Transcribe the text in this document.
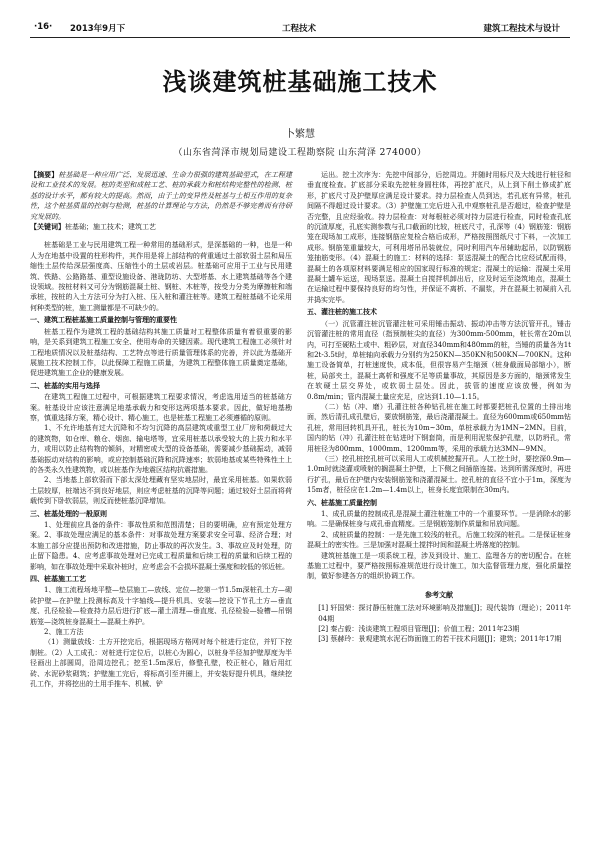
·16· 2013年9月下	工程技术	建筑工程技术与设计
浅谈建筑桩基础施工技术
卜繁慧
（山东省菏泽市规划局建设工程勘察院 山东菏泽 274000）

【摘要】桩基础是一种应用广泛、发展迅速、生命力很强的建筑基础型式，在工程建设和工业技术的发展。桩的类型和成桩工艺、桩的承载力和桩结构完整性的检测、桩基的设计水平，都有较大的提高。然而，由于土的变异性及桩基与土相互作用的复杂性，这个桩基质量的控制与检测，桩基的计算理论与方法，仍然是不够完善而有待研究发展的。

【关键词】桩基础；施工技术；建筑工艺

桩基础是工业与民用建筑工程一种常用的基础形式，是深基础的一种，也是一种人为在地基中设置的柱形构件，其作用是将上部结构的荷重通过土部软弱土层和局压缩性土层传给深层强度高、压缩性小的土层或岩层。桩基础可应用于工业与民用建筑、铁路、公路路基、重型设施设备、港珑防坊、大型塔基、水上建筑基础等各个建设领域。按桩材料又可分为钢筋混凝土桩、钢桩、木桩等，按受力分类为摩擦桩和端承桩，按桩的入土方法可分为打入桩、压入桩和灌注桩等。建筑工程桩基础不论采用何种类型的桩，施工测量都是不可缺少的。

一、建筑工程桩基施工质量控制与管理的重要性

桩基工程作为建筑工程的基础结构其施工质量对工程整体质量有着很重要的影响，是关系到建筑工程施工安全、使用寿命的关键因素。现代建筑工程施工必须针对工程地质情况以及桩基结构、工艺特点等进行质量管理体系的完善，并以此为基础开展施工技术控制工作，以此保障工程施工质量，为建筑工程整体施工质量奠定基础，促进建筑施工企业的健康发展。

二、桩基的实用与选择

在建筑工程施工过程中，可根据建筑工程要求情况，考虑选用适当的桩基础方案。桩基设计应该注意满足地基承载力和变形这两项基本要求。因此，做好地基勘察，慎重选择方案，精心设计、精心施工，也是桩基工程施工必须遵循的原则。

1、不允许地基有过大沉降和不均匀沉降的高层建筑或重型工业厂房和荷载过大的建筑物，如仓库、粮仓、烟囱、输电塔等，宜采用桩基以承受较大的上拔力和水平力，或用以防止结构物的倾斜，对精密或大型的设备基础，需要减少基础振动，减弱基础振动对结构的影响，或应控制基础沉降和沉降速率；软弱地基或某些特殊性土上的各类永久性建筑物，或以桩基作为地震区结构抗震措施。

2、当地基上部软弱而下部太深处埋藏有坚实地层时，最宜采用桩基。如果软弱土层较厚，桩端达不到良好地层，则应考虑桩基的沉降等问题；通过较好土层而将荷载传到下卧软弱层，则反而使桩基沉降增加。

三、桩基处理的一般原则

1、处理前应具备的条件：事故性质和范围清楚；目的要明确，应有预定处理方案。2、事故处理应满足的基本条件：对事故处理方案要求安全可靠、经济合理；对本施工部分应提出预防和改进措施，防止事故的再次发生。3、事故应及时处理，防止留下隐患。4、应考虑事故处理对已完成工程质量和后续工程的质量和后续工程的影响，如在事故处理中采取补桩时，应考虑会不会损坏混凝土强度和较低的邻近桩。

四、桩基施工工艺

1、施工流程场地平整—垫层施工—放线、定位—挖第一节1.5m深桩孔土方—砌砖护壁—在护壁上投测标高及十字轴线—提升机具、安装—挖设下节孔土方—垂直度、孔径检验—检查持力层后进行扩底—灌土清理—垂直度、孔径检验—验槽—吊钢筋笼—浇筑桩身混凝土—混凝土养护。

2、施工方法

（1）测量放线：土方开挖完后，根据现场方格网对每个桩进行定位，并钉下控制桩。（2）人工成孔：对桩进行定位后，以桩心为圆心，以桩身半径加护壁厚度为半径画出上部圆周，沿周边挖孔；挖至1.5m深后，修整孔壁，校正桩心，随后用红砖、水泥砂浆砌筑；护壁施工完后，将标高引至井圈上，并安装好提升机具，继续挖孔工作，并将挖出的土用手推车、机械、铲

运出。挖土次序为：先挖中间部分，后挖周边。并随时用标尺及大线进行桩径和垂直度检查。扩底部分采取先挖桩身圆柱体，再挖扩底尺，从上到下削土修成扩底形，扩底尺寸及护壁厚应满足设计要求。持力层检查人员到达，若孔底有异常，桩孔间隔不得超过设计要求。（3）护壁施工完后进入孔中观察桩孔是否超过，检查护壁是否完整，且应经验收。持力层检查：对每根桩必须对持力层进行检查，同时检查孔底的沉渣厚度，孔底实测参数与孔口截面的比较，桩底尺寸，孔深等（4）钢筋笼：钢筋笼在现场加工成形，连接钢筋应复检合格后成形，严格按照图纸尺寸下料，一次加工成形。钢筋笼重量较大，可利用塔吊吊装就位，同时利用汽车吊辅助起吊，以防钢筋笼抽筋变形。（4）混凝土的施工：材料的选择：泵送混凝土的配合比应经试配而得，混凝土的各项原材料要满足相应的国家现行标准的规定；混凝土的运输：混凝土采用混凝土罐车运送，现场泵送。混凝土自搅拌机卸出后，应及时运至浇筑地点，混凝土在运输过程中要保持良好的均匀性，并保证不离析、不漏浆，并在混凝土初凝前入孔并捣实完毕。

五、灌注桩的施工技术

（一）沉管灌注桩沉管灌注桩可采用锤击振动、振动冲击等方法沉管开孔，锤击沉管灌注桩的常用直径（指预制桩尖的直径）为300mm-500mm，桩长常在20m以内，可打至硬粘土或中、粗砂层，对直径340mm和480mm的桩，当锤的质量各为1t和2t-3.5t时，单桩轴向承载力分别约为250KN—350KN和500KN—700KN。这种施工设备简单，打桩速度快，成本低，但很容易产生缩颈（桩身截面局部缩小），断桩，局部夹土，混凝土离析和强度不足等质量事故，其原因是多方面的，缩颈常发生在软硬土层交界处，或软弱土层处。因此，拔管的速度应该放慢，例如为0.8m/min；管内混凝土量应充足，应达到1.10—1.15。

（二）钻（冲、磨）孔灌注桩各种钻孔桩在施工时都要把桩孔位置的土排出地面，然后清孔成孔壁后，要放钢筋笼，最后浇灌混凝土。直径为600mm或650mm钻孔桩，常用回转机具开孔，桩长为10m~30m，单桩承载力为1MN~2MN。目前，国内的钻（冲）孔灌注桩在钻进时下钢套筒，而是利用泥浆保护孔壁，以防坍孔，常用桩径为800mm、1000mm、1200mm等，采用的承载力达3MN—9MN。

（三）挖孔桩挖孔桩可以采用人工或机械挖掘开孔。人工挖土时，要挖深0.9m—1.0m时就浇灌或喷射的搁混凝土护壁，上下侧之间插筋连接。达到所需深度时，再进行扩孔，最后在护壁内安装钢筋笼和浇灌混凝土。挖孔桩的直径不宜小于1m，深度为15m者，桩径应在1.2m—1.4m以上，桩身长度宜限制在30m内。

六、桩基施工质量控制

1、成孔质量的控制成孔是混凝土灌注桩施工中的一个重要环节。一是消除水的影响。二是确保桩身与成孔垂直精度。三是钢筋笼制作质量和吊放问题。

2、成桩质量的控制：一是先施工较浅的桩孔，后施工较深的桩孔。二是保证桩身混凝土的密实性。三是加强对混凝土搅拌时间和混凝土坍落度的控制。

建筑桩基施工是一项系统工程，涉及到设计、施工、监理各方的密切配合。在桩基施工过程中，要严格按照标准规范进行设计施工，加大监督管理力度，强化质量控制，做好参建各方的组织协调工作。

参考文献

[1] 轩国荣：探讨静压桩施工法对环境影响及措施[J]；现代装饰（理论）；2011年04期

[2] 秦占毅：浅谈建筑工程项目管理[J]；价值工程；2011年23期

[3] 蔡赫玲：景观建筑水泥石饰面施工的若干技术问题[J]；建筑；2011年17期
